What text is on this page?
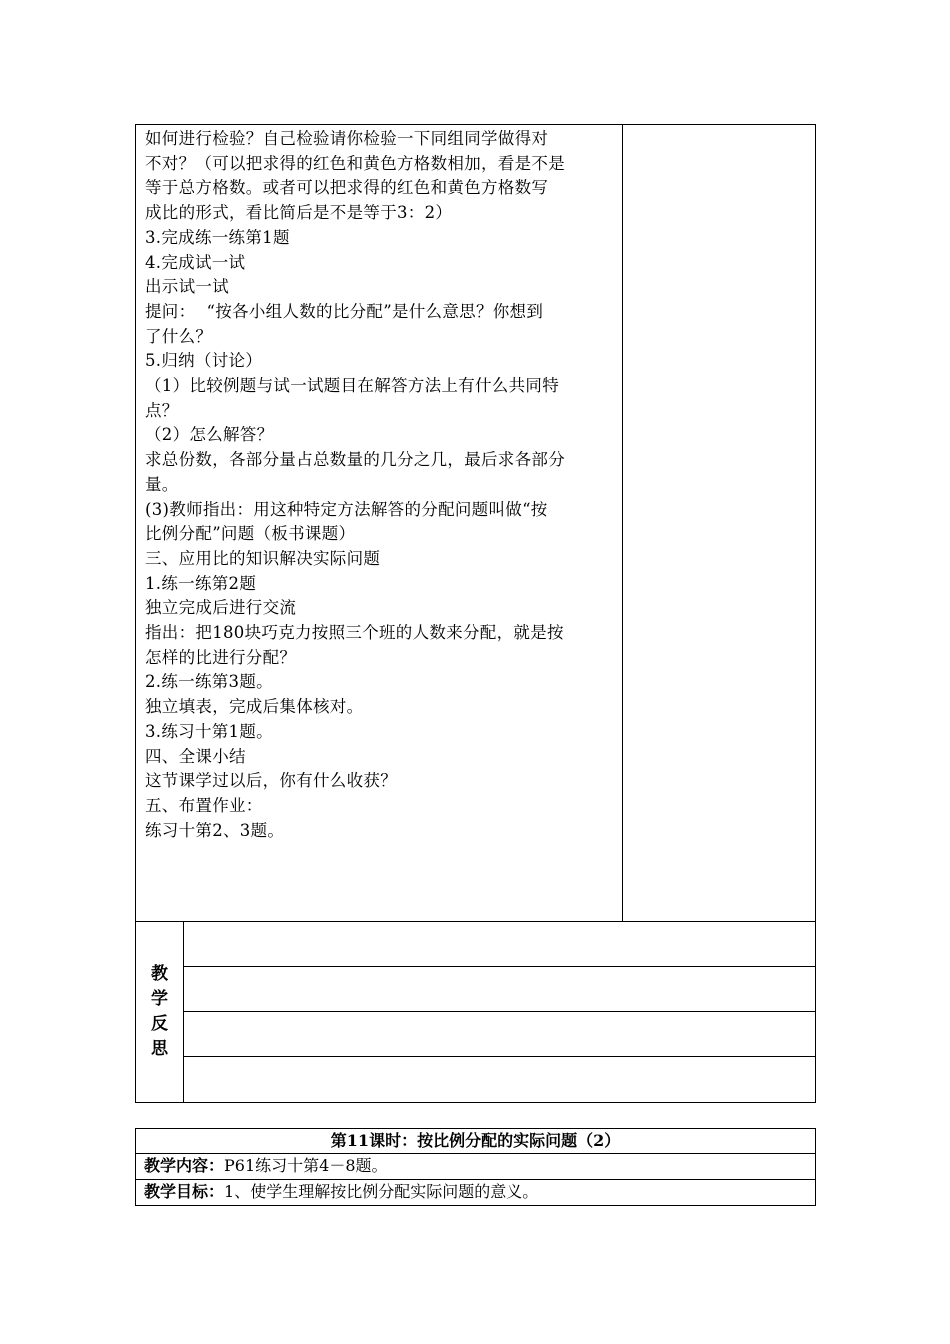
如何进行检验？自己检验请你检验一下同组同学做得对
不对？（可以把求得的红色和黄色方格数相加，看是不是
等于总方格数。或者可以把求得的红色和黄色方格数写
成比的形式，看比简后是不是等于3：2）
3.完成练一练第1题
4.完成试一试
出示试一试
提问：  “按各小组人数的比分配”是什么意思？你想到
了什么？
5.归纳（讨论）
（1）比较例题与试一试题目在解答方法上有什么共同特
点？
（2）怎么解答？
求总份数，各部分量占总数量的几分之几，最后求各部分
量。
(3)教师指出：用这种特定方法解答的分配问题叫做“按
比例分配”问题（板书课题）
三、应用比的知识解决实际问题
1.练一练第2题
独立完成后进行交流
指出：把180块巧克力按照三个班的人数来分配，就是按
怎样的比进行分配？
2.练一练第3题。
独立填表，完成后集体核对。
3.练习十第1题。
四、全课小结
这节课学过以后，你有什么收获？
五、布置作业：
练习十第2、3题。
教
学
反
思
第11课时：按比例分配的实际问题（2）
教学内容：P61练习十第4－8题。
教学目标：1、使学生理解按比例分配实际问题的意义。
